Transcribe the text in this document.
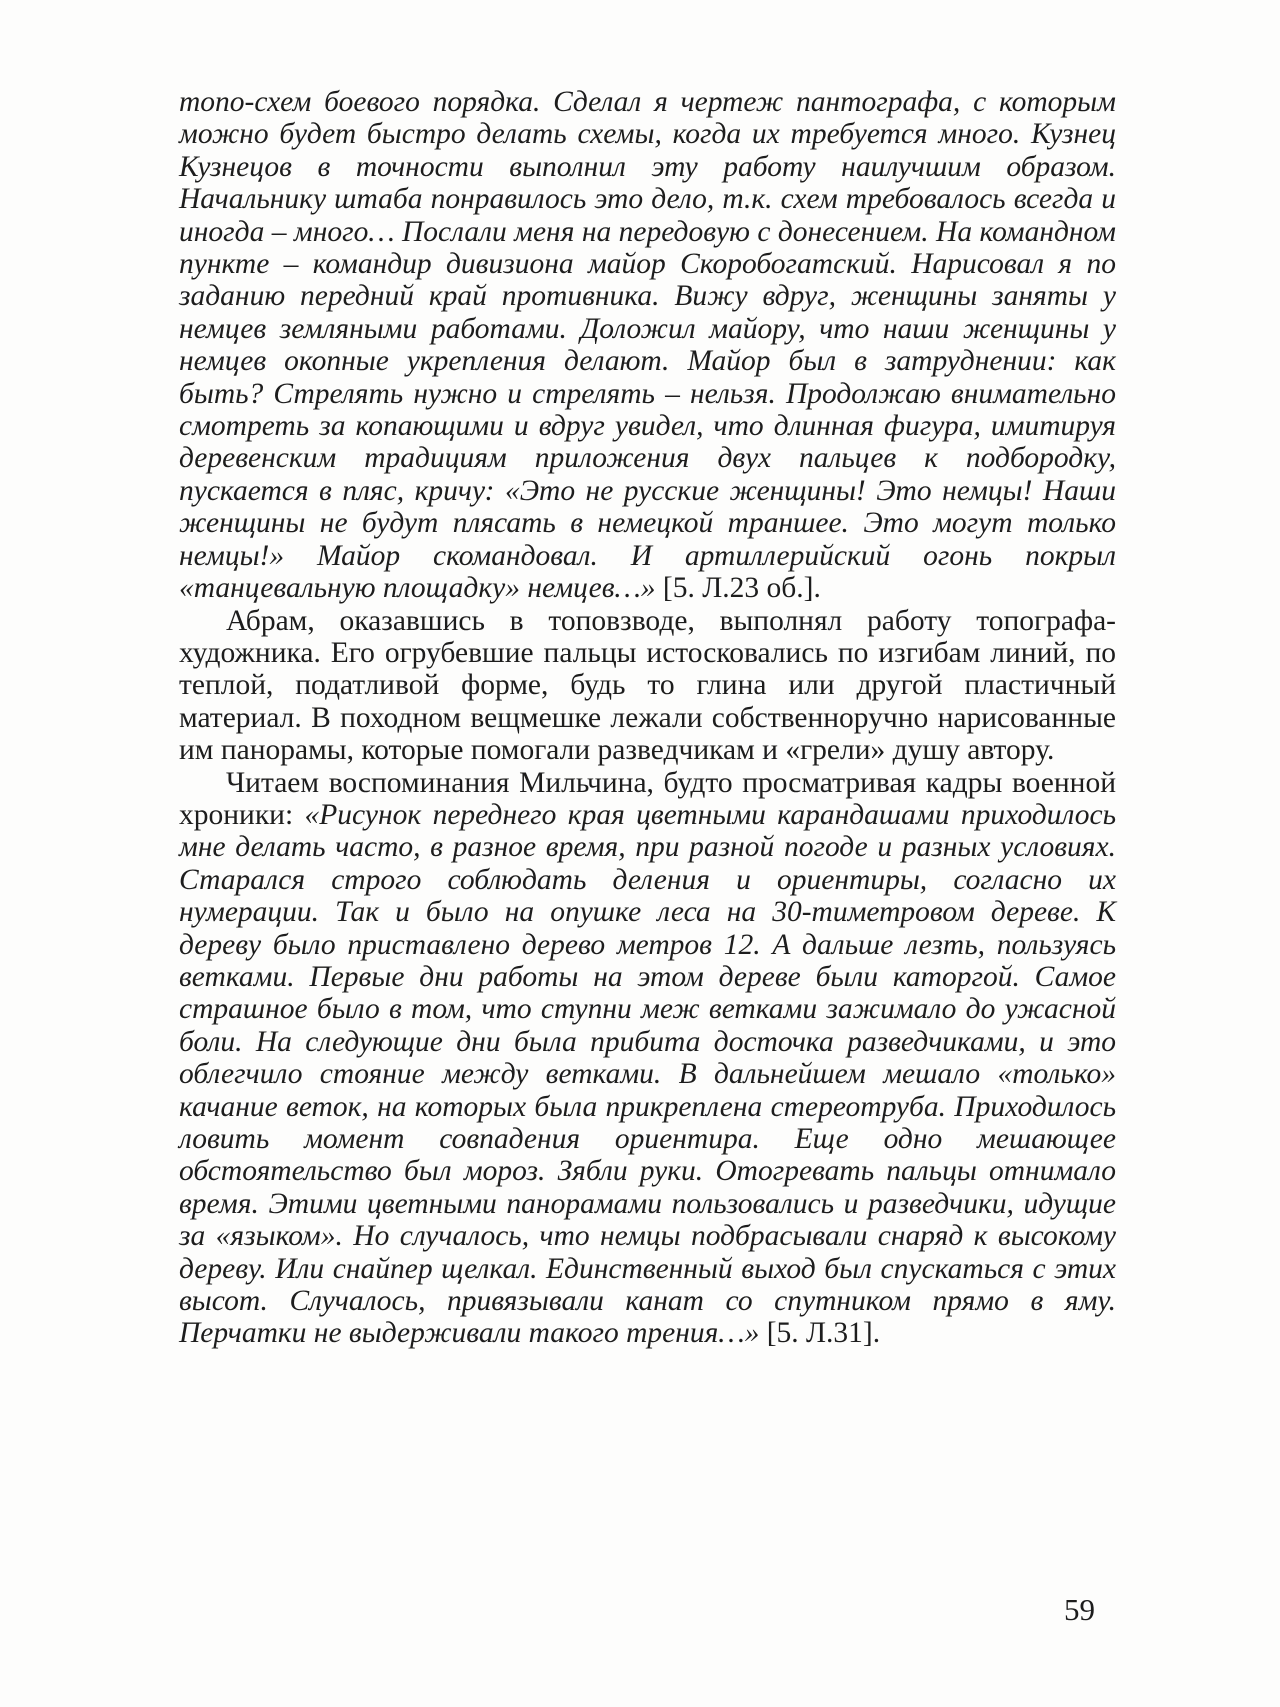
топо-схем боевого порядка. Сделал я чертеж пантографа, с которым можно будет быстро делать схемы, когда их требуется много. Кузнец Кузнецов в точности выполнил эту работу наилучшим образом. Начальнику штаба понравилось это дело, т.к. схем требовалось всегда и иногда – много… Послали меня на передовую с донесением. На командном пункте – командир дивизиона майор Скоробогатский. Нарисовал я по заданию передний край противника. Вижу вдруг, женщины заняты у немцев земляными работами. Доложил майору, что наши женщины у немцев окопные укрепления делают. Майор был в затруднении: как быть? Стрелять нужно и стрелять – нельзя. Продолжаю внимательно смотреть за копающими и вдруг увидел, что длинная фигура, имитируя деревенским традициям приложения двух пальцев к подбородку, пускается в пляс, кричу: «Это не русские женщины! Это немцы! Наши женщины не будут плясать в немецкой траншее. Это могут только немцы!» Майор скомандовал. И артиллерийский огонь покрыл «танцевальную площадку» немцев…» [5. Л.23 об.].

Абрам, оказавшись в топовзводе, выполнял работу топографа-художника. Его огрубевшие пальцы истосковались по изгибам линий, по теплой, податливой форме, будь то глина или другой пластичный материал. В походном вещмешке лежали собственноручно нарисованные им панорамы, которые помогали разведчикам и «грели» душу автору.

Читаем воспоминания Мильчина, будто просматривая кадры военной хроники: «Рисунок переднего края цветными карандашами приходилось мне делать часто, в разное время, при разной погоде и разных условиях. Старался строго соблюдать деления и ориентиры, согласно их нумерации. Так и было на опушке леса на 30-тиметровом дереве. К дереву было приставлено дерево метров 12. А дальше лезть, пользуясь ветками. Первые дни работы на этом дереве были каторгой. Самое страшное было в том, что ступни меж ветками зажимало до ужасной боли. На следующие дни была прибита досточка разведчиками, и это облегчило стояние между ветками. В дальнейшем мешало «только» качание веток, на которых была прикреплена стереотруба. Приходилось ловить момент совпадения ориентира. Еще одно мешающее обстоятельство был мороз. Зябли руки. Отогревать пальцы отнимало время. Этими цветными панорамами пользовались и разведчики, идущие за «языком». Но случалось, что немцы подбрасывали снаряд к высокому дереву. Или снайпер щелкал. Единственный выход был спускаться с этих высот. Случалось, привязывали канат со спутником прямо в яму. Перчатки не выдерживали такого трения…» [5. Л.31].

59
